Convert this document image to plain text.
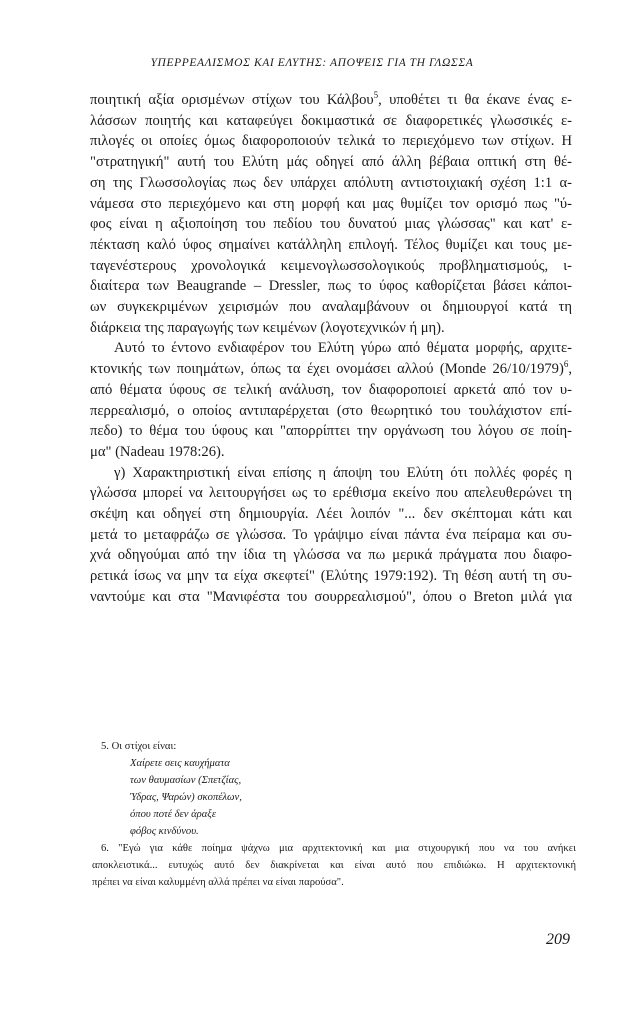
ΥΠΕΡΡΕΑΛΙΣΜΟΣ ΚΑΙ ΕΛΥΤΗΣ: ΑΠΟΨΕΙΣ ΓΙΑ ΤΗ ΓΛΩΣΣΑ
ποιητική αξία ορισμένων στίχων του Κάλβου$^5$, υποθέτει τι θα έκανε ένας ε-
λάσσων ποιητής και καταφεύγει δοκιμαστικά σε διαφορετικές γλωσσικές ε-
πιλογές οι οποίες όμως διαφοροποιούν τελικά το περιεχόμενο των στίχων. Η
"στρατηγική" αυτή του Ελύτη μάς οδηγεί από άλλη βέβαια οπτική στη θέ-
ση της Γλωσσολογίας πως δεν υπάρχει απόλυτη αντιστοιχιακή σχέση 1:1 α-
νάμεσα στο περιεχόμενο και στη μορφή και μας θυμίζει τον ορισμό πως "ύ-
φος είναι η αξιοποίηση του πεδίου του δυνατού μιας γλώσσας" και κατ' ε-
πέκταση καλό ύφος σημαίνει κατάλληλη επιλογή. Τέλος θυμίζει και τους με-
ταγενέστερους χρονολογικά κειμενογλωσσολογικούς προβληματισμούς, ι-
διαίτερα των Beaugrande – Dressler, πως το ύφος καθορίζεται βάσει κάποι-
ων συγκεκριμένων χειρισμών που αναλαμβάνουν οι δημιουργοί κατά τη
διάρκεια της παραγωγής των κειμένων (λογοτεχνικών ή μη).
Αυτό το έντονο ενδιαφέρον του Ελύτη γύρω από θέματα μορφής, αρχιτε-
κτονικής των ποιημάτων, όπως τα έχει ονομάσει αλλού (Monde 26/10/1979)$^6$,
από θέματα ύφους σε τελική ανάλυση, τον διαφοροποιεί αρκετά από τον υ-
περρεαλισμό, ο οποίος αντιπαρέρχεται (στο θεωρητικό του τουλάχιστον επί-
πεδο) το θέμα του ύφους και "απορρίπτει την οργάνωση του λόγου σε ποίη-
μα" (Nadeau 1978:26).
γ) Χαρακτηριστική είναι επίσης η άποψη του Ελύτη ότι πολλές φορές η
γλώσσα μπορεί να λειτουργήσει ως το ερέθισμα εκείνο που απελευθερώνει τη
σκέψη και οδηγεί στη δημιουργία. Λέει λοιπόν "... δεν σκέπτομαι κάτι και
μετά το μεταφράζω σε γλώσσα. Το γράψιμο είναι πάντα ένα πείραμα και συ-
χνά οδηγούμαι από την ίδια τη γλώσσα να πω μερικά πράγματα που διαφο-
ρετικά ίσως να μην τα είχα σκεφτεί" (Ελύτης 1979:192). Τη θέση αυτή τη συ-
ναντούμε και στα "Μανιφέστα του σουρρεαλισμού", όπου ο Breton μιλά για
5. Οι στίχοι είναι:
Χαίρετε σεις καυχήματα
των θαυμασίων (Σπετζίας,
Ύδρας, Ψαρών) σκοπέλων,
όπου ποτέ δεν άραξε
φόβος κινδύνου.
6. "Εγώ για κάθε ποίημα ψάχνω μια αρχιτεκτονική και μια στιχουργική που να του ανήκει
αποκλειστικά... ευτυχώς αυτό δεν διακρίνεται και είναι αυτό που επιδιώκω. Η αρχιτεκτονική
πρέπει να είναι καλυμμένη αλλά πρέπει να είναι παρούσα".
209
